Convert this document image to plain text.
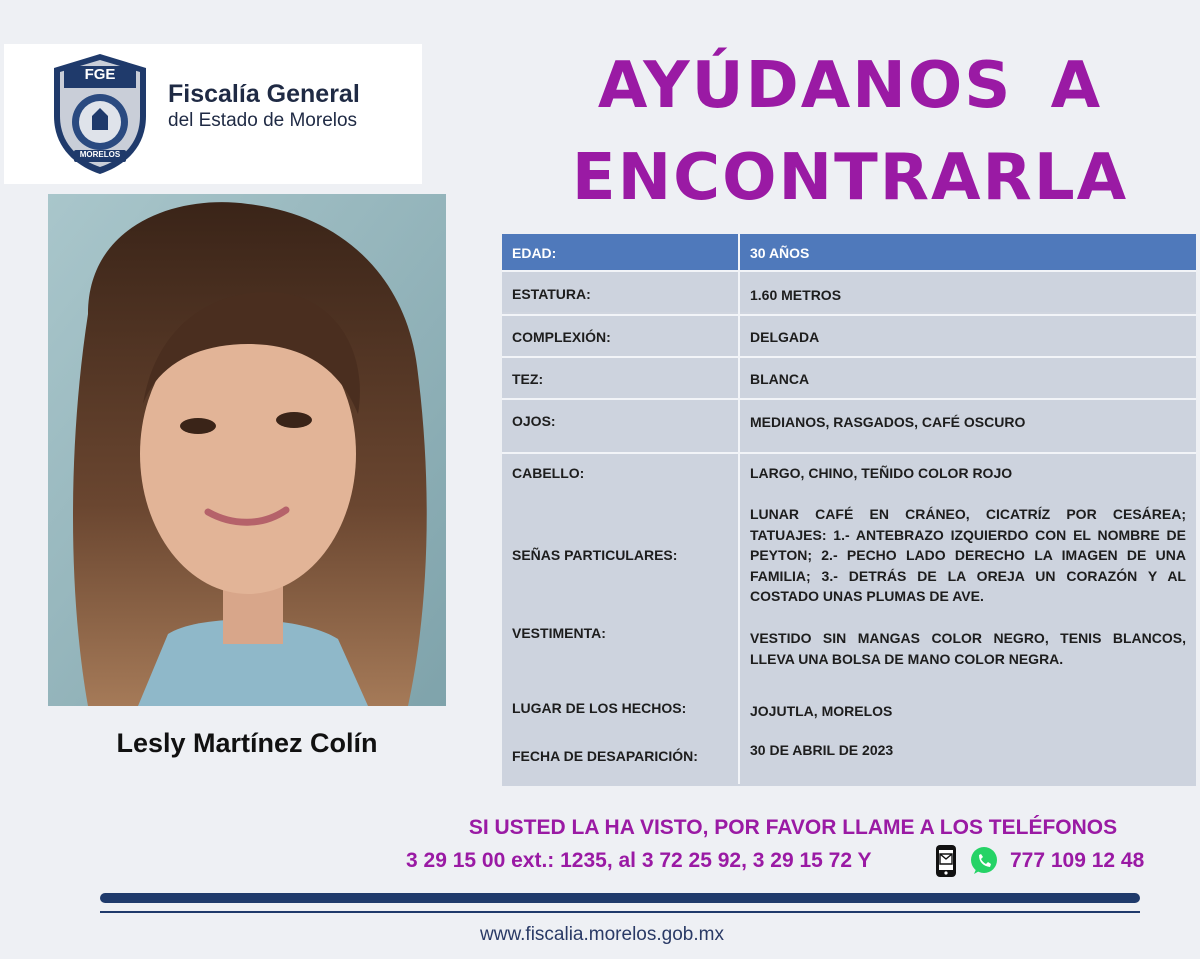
FGE
MORELOS
Fiscalía General
del Estado de Morelos	AYÚDANOS A
ENCONTRARLA
Lesly Martínez Colín
EDAD:	30 AÑOS
ESTATURA:	1.60 METROS
COMPLEXIÓN:	DELGADA
TEZ:	BLANCA
OJOS:	MEDIANOS, RASGADOS, CAFÉ OSCURO
CABELLO:	LARGO, CHINO, TEÑIDO COLOR ROJO
SEÑAS PARTICULARES:
LUNAR CAFÉ EN CRÁNEO, CICATRÍZ POR CESÁREA; TATUAJES: 1.- ANTEBRAZO IZQUIERDO CON EL NOMBRE DE PEYTON; 2.- PECHO LADO DERECHO LA IMAGEN DE UNA FAMILIA; 3.- DETRÁS DE LA OREJA UN CORAZÓN Y AL COSTADO UNAS PLUMAS DE AVE.
VESTIMENTA:	VESTIDO SIN MANGAS COLOR NEGRO, TENIS BLANCOS, LLEVA UNA BOLSA DE MANO COLOR NEGRA.
LUGAR DE LOS HECHOS:	JOJUTLA, MORELOS
FECHA DE DESAPARICIÓN:	30 DE ABRIL DE 2023
SI USTED LA HA VISTO, POR FAVOR LLAME A LOS TELÉFONOS
3 29 15 00 ext.: 1235, al 3 72 25 92, 3 29 15 72 Y	777 109 12 48
www.fiscalia.morelos.gob.mx
